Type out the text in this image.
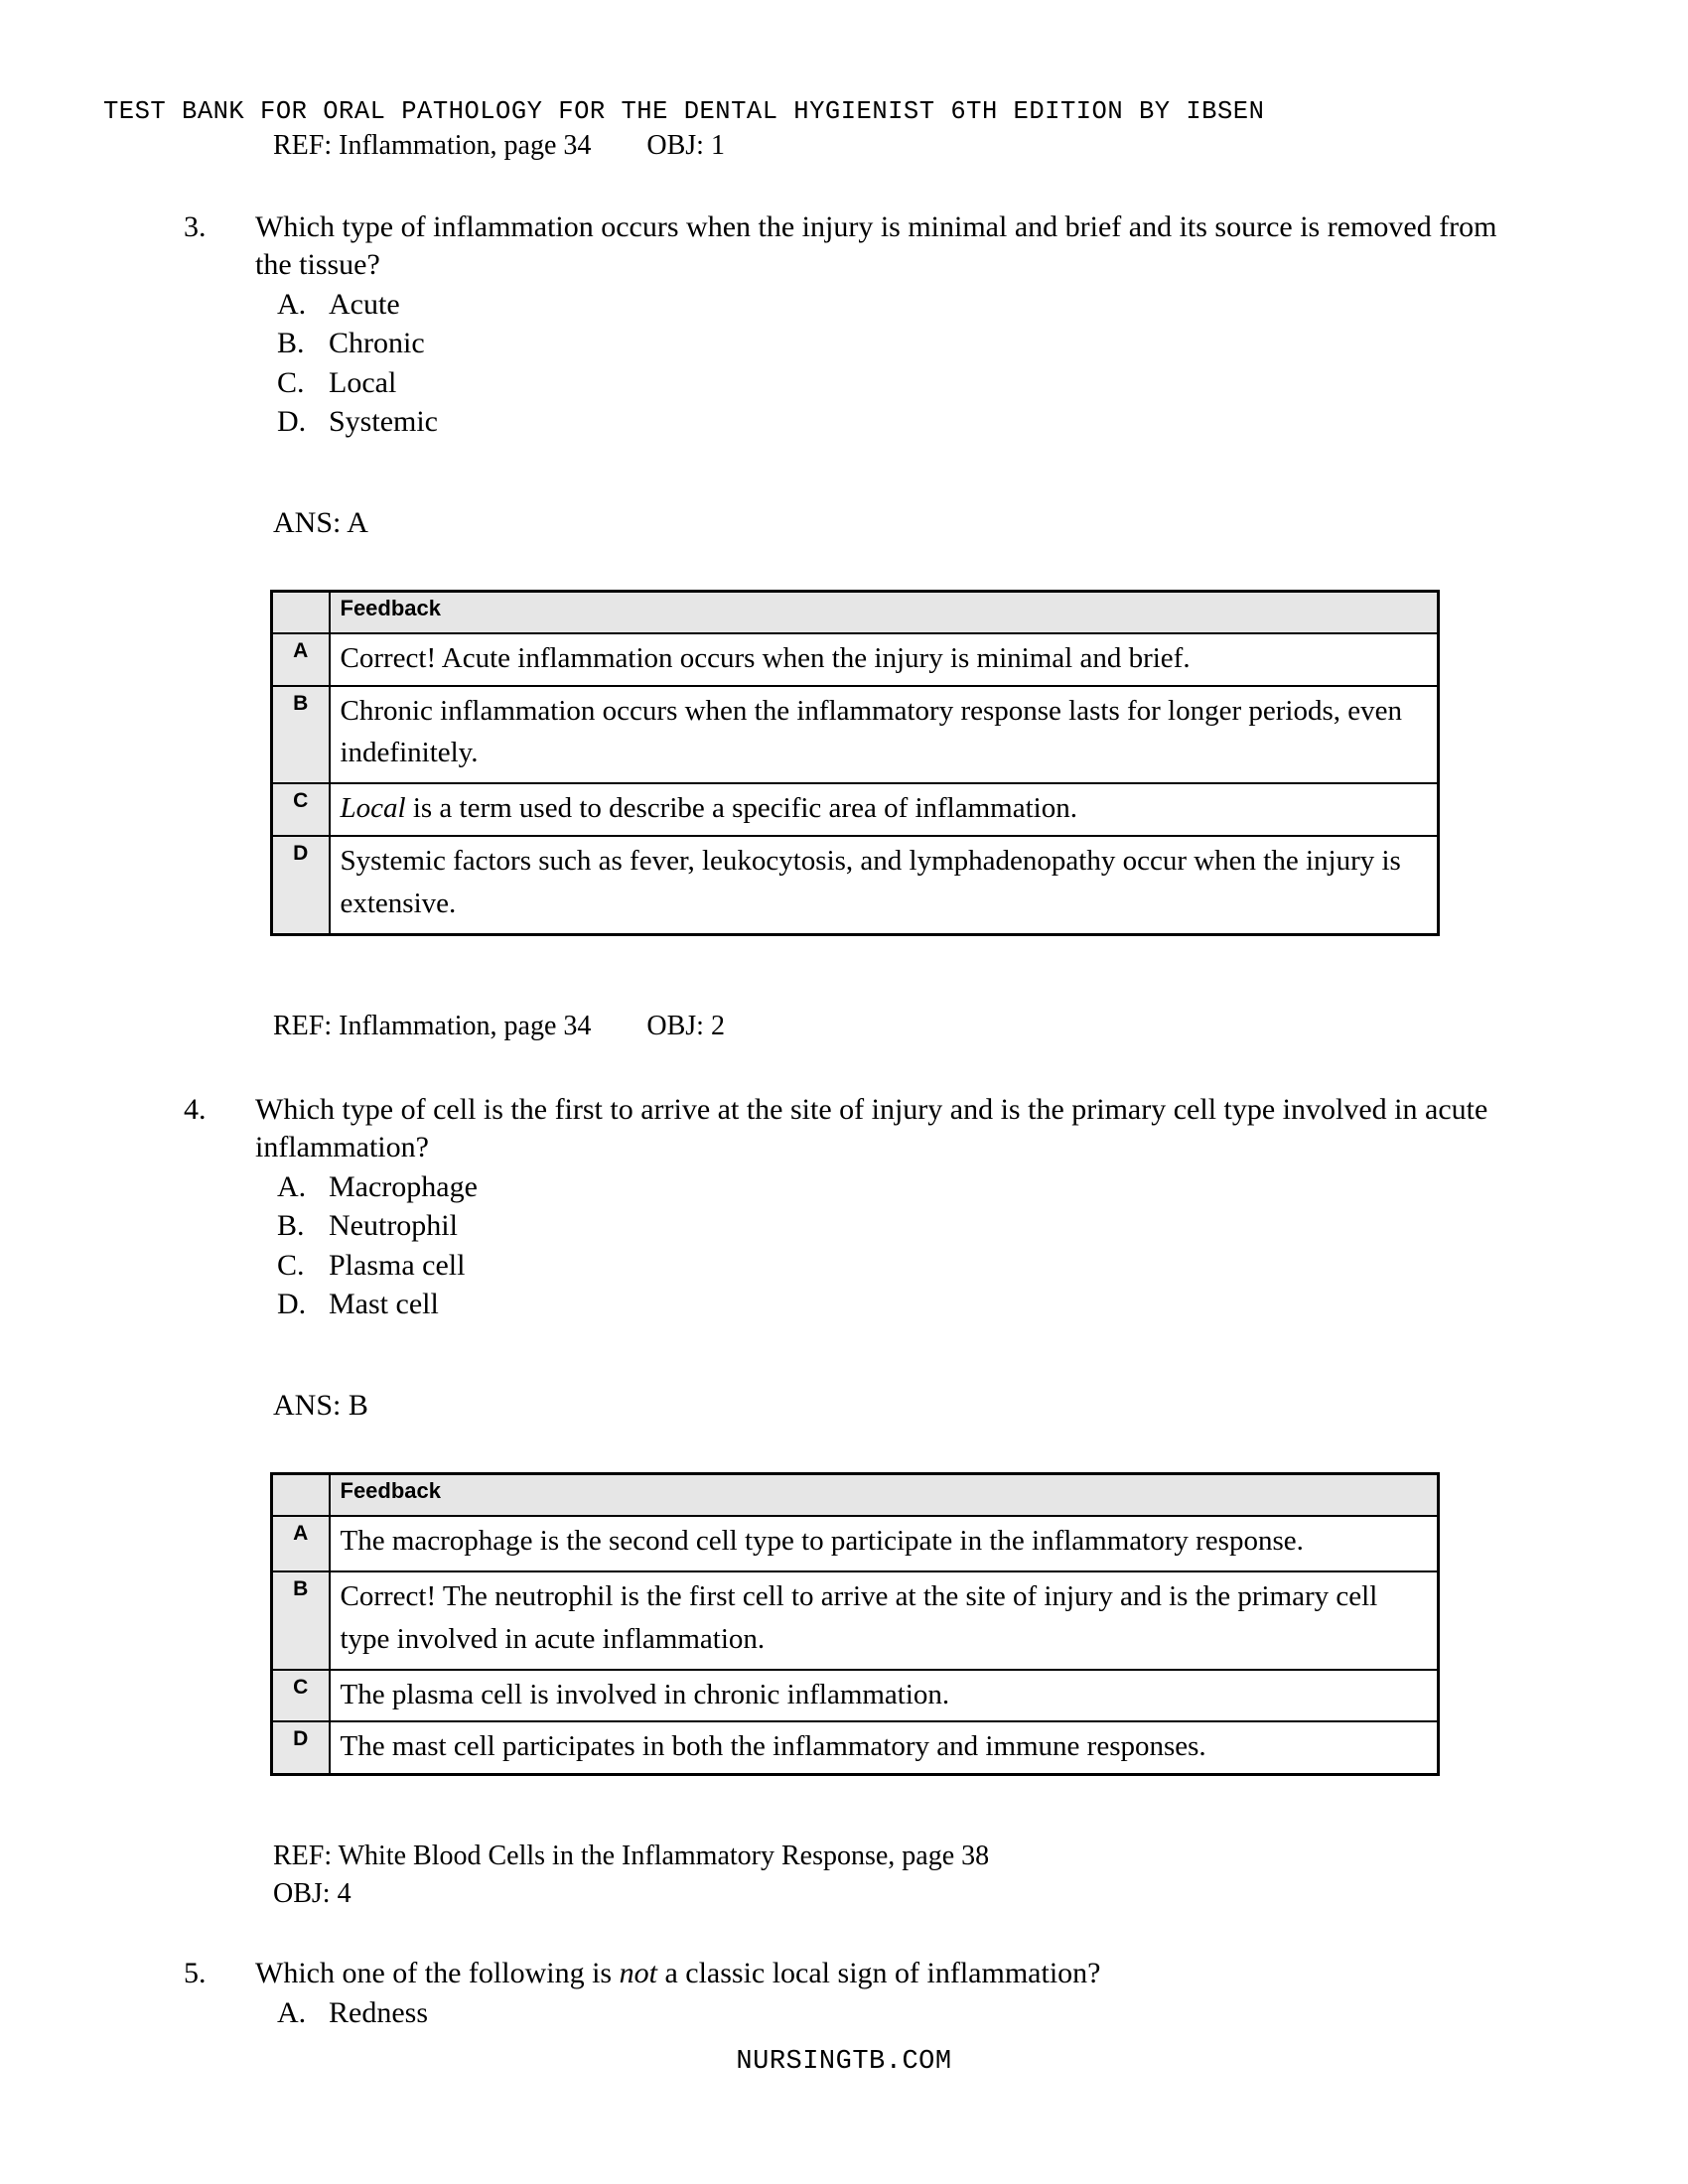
TEST BANK FOR ORAL PATHOLOGY FOR THE DENTAL HYGIENIST 6TH EDITION BY IBSEN
REF: Inflammation, page 34        OBJ: 1
3.	Which type of inflammation occurs when the injury is minimal and brief and its source is removed from the tissue?
A. Acute
B. Chronic
C. Local
D. Systemic
ANS: A
	Feedback
A	Correct! Acute inflammation occurs when the injury is minimal and brief.
B	Chronic inflammation occurs when the inflammatory response lasts for longer periods, even indefinitely.
C	Local is a term used to describe a specific area of inflammation.
D	Systemic factors such as fever, leukocytosis, and lymphadenopathy occur when the injury is extensive.
REF: Inflammation, page 34        OBJ: 2
4.	Which type of cell is the first to arrive at the site of injury and is the primary cell type involved in acute inflammation?
A. Macrophage
B. Neutrophil
C. Plasma cell
D. Mast cell
ANS: B
	Feedback
A	The macrophage is the second cell type to participate in the inflammatory response.
B	Correct! The neutrophil is the first cell to arrive at the site of injury and is the primary cell type involved in acute inflammation.
C	The plasma cell is involved in chronic inflammation.
D	The mast cell participates in both the inflammatory and immune responses.
REF: White Blood Cells in the Inflammatory Response, page 38
OBJ: 4
5.	Which one of the following is not a classic local sign of inflammation?
A. Redness
NURSINGTB.COM
